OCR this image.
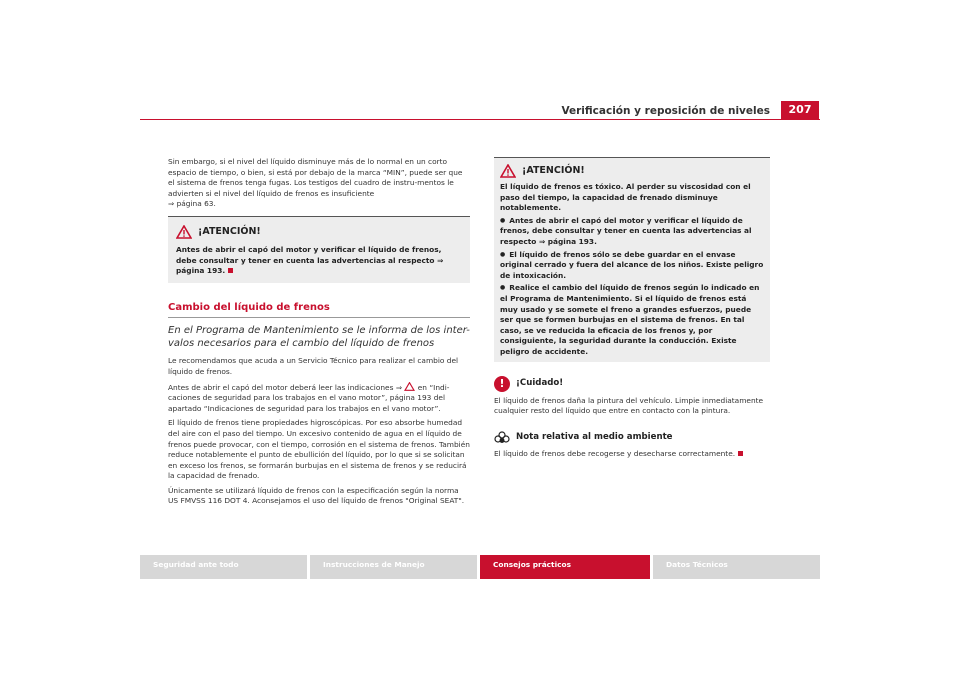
Verificación y reposición de niveles	207

Sin embargo, si el nivel del líquido disminuye más de lo normal en un corto espacio de tiempo, o bien, si está por debajo de la marca “MIN”, puede ser que el sistema de frenos tenga fugas. Los testigos del cuadro de instru-mentos le advierten si el nivel del líquido de frenos es insuficiente
⇒ página 63.

¡ATENCIÓN!
Antes de abrir el capó del motor y verificar el líquido de frenos, debe consultar y tener en cuenta las advertencias al respecto ⇒ página 193.
Cambio del líquido de frenos
En el Programa de Mantenimiento se le informa de los inter-valos necesarios para el cambio del líquido de frenos

Le recomendamos que acuda a un Servicio Técnico para realizar el cambio del líquido de frenos.

Antes de abrir el capó del motor deberá leer las indicaciones ⇒ en “Indi-caciones de seguridad para los trabajos en el vano motor”, página 193 del apartado “Indicaciones de seguridad para los trabajos en el vano motor”.

El líquido de frenos tiene propiedades higroscópicas. Por eso absorbe humedad del aire con el paso del tiempo. Un excesivo contenido de agua en el líquido de frenos puede provocar, con el tiempo, corrosión en el sistema de frenos. También reduce notablemente el punto de ebullición del líquido, por lo que si se solicitan en exceso los frenos, se formarán burbujas en el sistema de frenos y se reducirá la capacidad de frenado.

Únicamente se utilizará líquido de frenos con la especificación según la norma US FMVSS 116 DOT 4. Aconsejamos el uso del líquido de frenos "Original SEAT".

¡ATENCIÓN!
El líquido de frenos es tóxico. Al perder su viscosidad con el paso del tiempo, la capacidad de frenado disminuye notablemente.
● Antes de abrir el capó del motor y verificar el líquido de frenos, debe consultar y tener en cuenta las advertencias al respecto ⇒ página 193.
● El líquido de frenos sólo se debe guardar en el envase original cerrado y fuera del alcance de los niños. Existe peligro de intoxicación.
● Realice el cambio del líquido de frenos según lo indicado en el Programa de Mantenimiento. Si el líquido de frenos está muy usado y se somete el freno a grandes esfuerzos, puede ser que se formen burbujas en el sistema de frenos. En tal caso, se ve reducida la eficacia de los frenos y, por consiguiente, la seguridad durante la conducción. Existe peligro de accidente.
!	¡Cuidado!

El líquido de frenos daña la pintura del vehículo. Limpie inmediatamente cualquier resto del líquido que entre en contacto con la pintura.

Nota relativa al medio ambiente

El líquido de frenos debe recogerse y desecharse correctamente.

Seguridad ante todo	Instrucciones de Manejo	Consejos prácticos	Datos Técnicos
